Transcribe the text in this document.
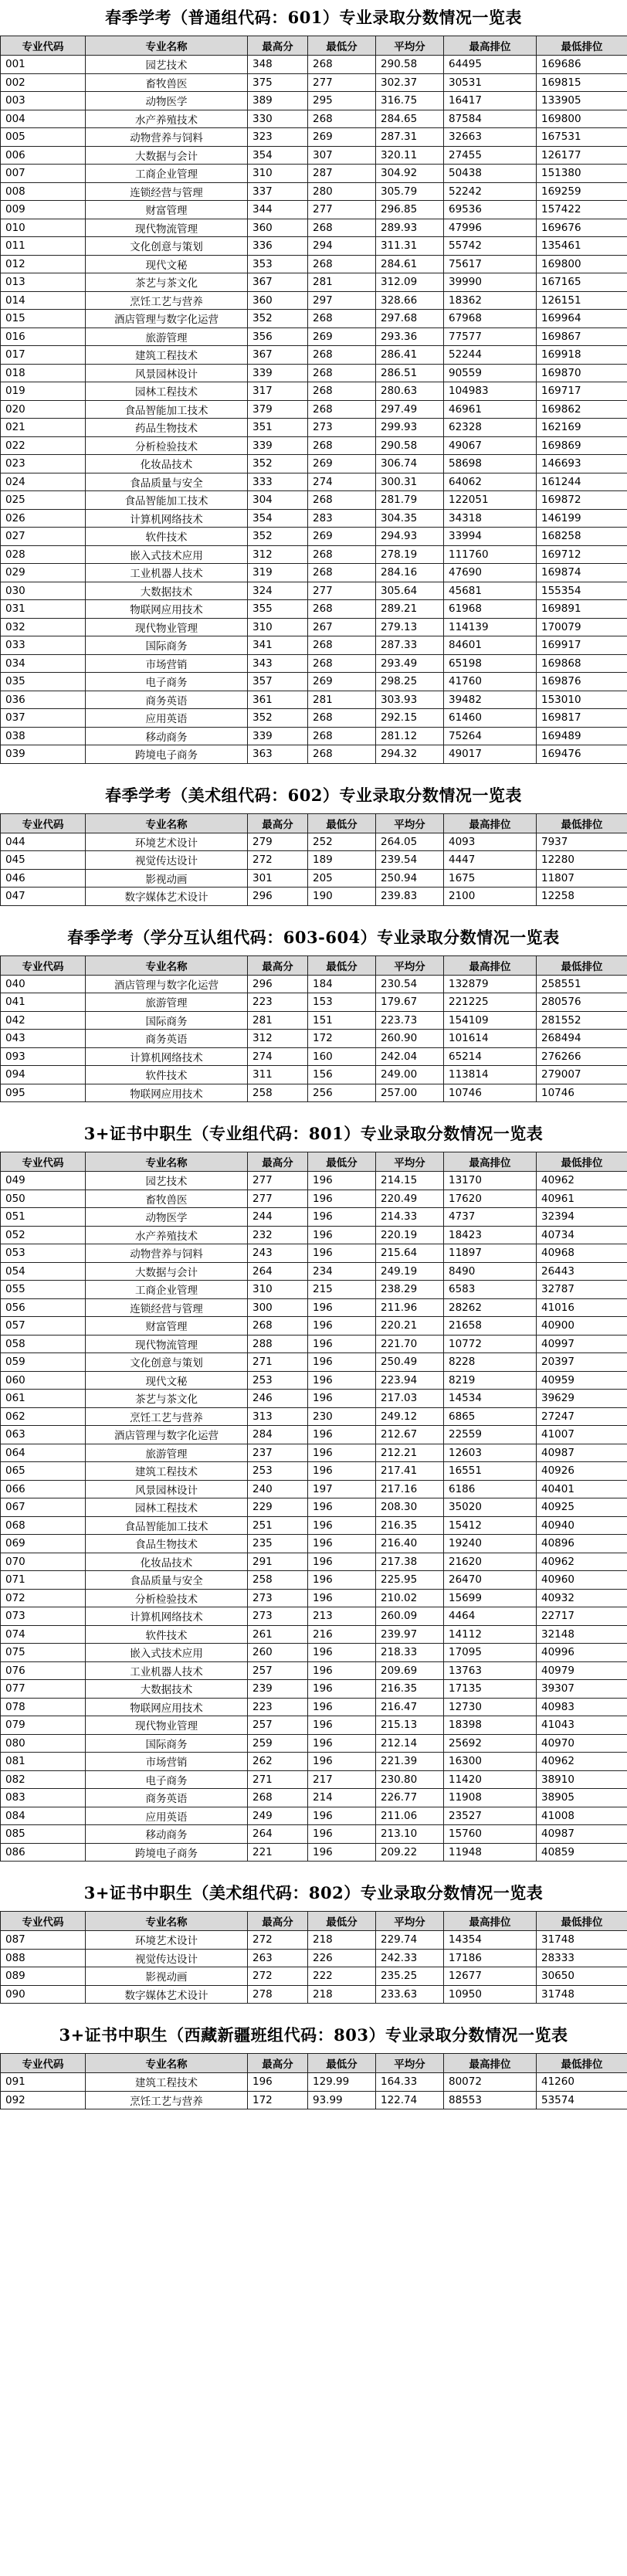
春季学考（普通组代码：601）专业录取分数情况一览表
专业代码	专业名称	最高分	最低分	平均分	最高排位	最低排位
001	园艺技术	348	268	290.58	64495	169686
002	畜牧兽医	375	277	302.37	30531	169815
003	动物医学	389	295	316.75	16417	133905
004	水产养殖技术	330	268	284.65	87584	169800
005	动物营养与饲料	323	269	287.31	32663	167531
006	大数据与会计	354	307	320.11	27455	126177
007	工商企业管理	310	287	304.92	50438	151380
008	连锁经营与管理	337	280	305.79	52242	169259
009	财富管理	344	277	296.85	69536	157422
010	现代物流管理	360	268	289.93	47996	169676
011	文化创意与策划	336	294	311.31	55742	135461
012	现代文秘	353	268	284.61	75617	169800
013	茶艺与茶文化	367	281	312.09	39990	167165
014	烹饪工艺与营养	360	297	328.66	18362	126151
015	酒店管理与数字化运营	352	268	297.68	67968	169964
016	旅游管理	356	269	293.36	77577	169867
017	建筑工程技术	367	268	286.41	52244	169918
018	风景园林设计	339	268	286.51	90559	169870
019	园林工程技术	317	268	280.63	104983	169717
020	食品智能加工技术	379	268	297.49	46961	169862
021	药品生物技术	351	273	299.93	62328	162169
022	分析检验技术	339	268	290.58	49067	169869
023	化妆品技术	352	269	306.74	58698	146693
024	食品质量与安全	333	274	300.31	64062	161244
025	食品智能加工技术	304	268	281.79	122051	169872
026	计算机网络技术	354	283	304.35	34318	146199
027	软件技术	352	269	294.93	33994	168258
028	嵌入式技术应用	312	268	278.19	111760	169712
029	工业机器人技术	319	268	284.16	47690	169874
030	大数据技术	324	277	305.64	45681	155354
031	物联网应用技术	355	268	289.21	61968	169891
032	现代物业管理	310	267	279.13	114139	170079
033	国际商务	341	268	287.33	84601	169917
034	市场营销	343	268	293.49	65198	169868
035	电子商务	357	269	298.25	41760	169876
036	商务英语	361	281	303.93	39482	153010
037	应用英语	352	268	292.15	61460	169817
038	移动商务	339	268	281.12	75264	169489
039	跨境电子商务	363	268	294.32	49017	169476
春季学考（美术组代码：602）专业录取分数情况一览表
专业代码	专业名称	最高分	最低分	平均分	最高排位	最低排位
044	环境艺术设计	279	252	264.05	4093	7937
045	视觉传达设计	272	189	239.54	4447	12280
046	影视动画	301	205	250.94	1675	11807
047	数字媒体艺术设计	296	190	239.83	2100	12258
春季学考（学分互认组代码：603-604）专业录取分数情况一览表
专业代码	专业名称	最高分	最低分	平均分	最高排位	最低排位
040	酒店管理与数字化运营	296	184	230.54	132879	258551
041	旅游管理	223	153	179.67	221225	280576
042	国际商务	281	151	223.73	154109	281552
043	商务英语	312	172	260.90	101614	268494
093	计算机网络技术	274	160	242.04	65214	276266
094	软件技术	311	156	249.00	113814	279007
095	物联网应用技术	258	256	257.00	10746	10746
3+证书中职生（专业组代码：801）专业录取分数情况一览表
专业代码	专业名称	最高分	最低分	平均分	最高排位	最低排位
049	园艺技术	277	196	214.15	13170	40962
050	畜牧兽医	277	196	220.49	17620	40961
051	动物医学	244	196	214.33	4737	32394
052	水产养殖技术	232	196	220.19	18423	40734
053	动物营养与饲料	243	196	215.64	11897	40968
054	大数据与会计	264	234	249.19	8490	26443
055	工商企业管理	310	215	238.29	6583	32787
056	连锁经营与管理	300	196	211.96	28262	41016
057	财富管理	268	196	220.21	21658	40900
058	现代物流管理	288	196	221.70	10772	40997
059	文化创意与策划	271	196	250.49	8228	20397
060	现代文秘	253	196	223.94	8219	40959
061	茶艺与茶文化	246	196	217.03	14534	39629
062	烹饪工艺与营养	313	230	249.12	6865	27247
063	酒店管理与数字化运营	284	196	212.67	22559	41007
064	旅游管理	237	196	212.21	12603	40987
065	建筑工程技术	253	196	217.41	16551	40926
066	风景园林设计	240	197	217.16	6186	40401
067	园林工程技术	229	196	208.30	35020	40925
068	食品智能加工技术	251	196	216.35	15412	40940
069	食品生物技术	235	196	216.40	19240	40896
070	化妆品技术	291	196	217.38	21620	40962
071	食品质量与安全	258	196	225.95	26470	40960
072	分析检验技术	273	196	210.02	15699	40932
073	计算机网络技术	273	213	260.09	4464	22717
074	软件技术	261	216	239.97	14112	32148
075	嵌入式技术应用	260	196	218.33	17095	40996
076	工业机器人技术	257	196	209.69	13763	40979
077	大数据技术	239	196	216.35	17135	39307
078	物联网应用技术	223	196	216.47	12730	40983
079	现代物业管理	257	196	215.13	18398	41043
080	国际商务	259	196	212.14	25692	40970
081	市场营销	262	196	221.39	16300	40962
082	电子商务	271	217	230.80	11420	38910
083	商务英语	268	214	226.77	11908	38905
084	应用英语	249	196	211.06	23527	41008
085	移动商务	264	196	213.10	15760	40987
086	跨境电子商务	221	196	209.22	11948	40859
3+证书中职生（美术组代码：802）专业录取分数情况一览表
专业代码	专业名称	最高分	最低分	平均分	最高排位	最低排位
087	环境艺术设计	272	218	229.74	14354	31748
088	视觉传达设计	263	226	242.33	17186	28333
089	影视动画	272	222	235.25	12677	30650
090	数字媒体艺术设计	278	218	233.63	10950	31748
3+证书中职生（西藏新疆班组代码：803）专业录取分数情况一览表
专业代码	专业名称	最高分	最低分	平均分	最高排位	最低排位
091	建筑工程技术	196	129.99	164.33	80072	41260
092	烹饪工艺与营养	172	93.99	122.74	88553	53574
